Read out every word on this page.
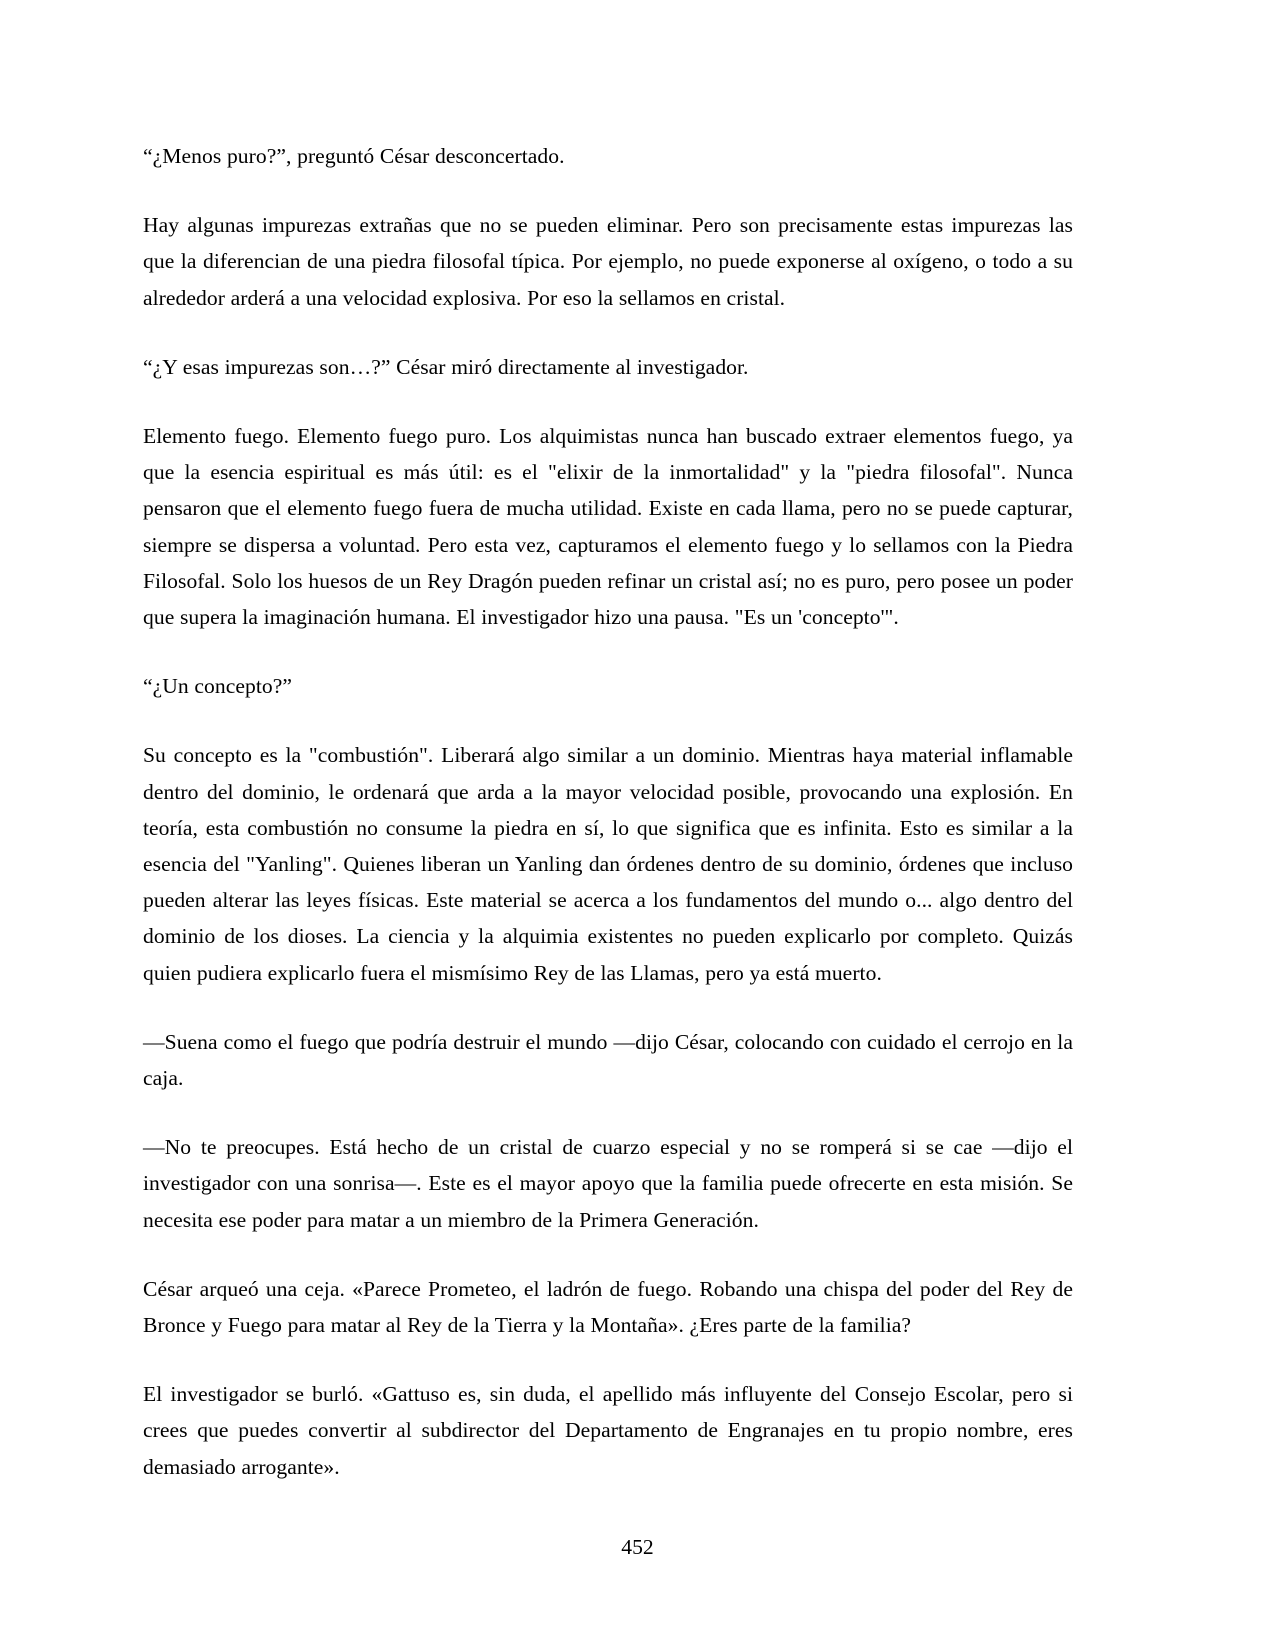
“¿Menos puro?”, preguntó César desconcertado.

Hay algunas impurezas extrañas que no se pueden eliminar. Pero son precisamente estas impurezas las que la diferencian de una piedra filosofal típica. Por ejemplo, no puede exponerse al oxígeno, o todo a su alrededor arderá a una velocidad explosiva. Por eso la sellamos en cristal.

“¿Y esas impurezas son…?” César miró directamente al investigador.

Elemento fuego. Elemento fuego puro. Los alquimistas nunca han buscado extraer elementos fuego, ya que la esencia espiritual es más útil: es el "elixir de la inmortalidad" y la "piedra filosofal". Nunca pensaron que el elemento fuego fuera de mucha utilidad. Existe en cada llama, pero no se puede capturar, siempre se dispersa a voluntad. Pero esta vez, capturamos el elemento fuego y lo sellamos con la Piedra Filosofal. Solo los huesos de un Rey Dragón pueden refinar un cristal así; no es puro, pero posee un poder que supera la imaginación humana. El investigador hizo una pausa. "Es un 'concepto'".

“¿Un concepto?”

Su concepto es la "combustión". Liberará algo similar a un dominio. Mientras haya material inflamable dentro del dominio, le ordenará que arda a la mayor velocidad posible, provocando una explosión. En teoría, esta combustión no consume la piedra en sí, lo que significa que es infinita. Esto es similar a la esencia del "Yanling". Quienes liberan un Yanling dan órdenes dentro de su dominio, órdenes que incluso pueden alterar las leyes físicas. Este material se acerca a los fundamentos del mundo o... algo dentro del dominio de los dioses. La ciencia y la alquimia existentes no pueden explicarlo por completo. Quizás quien pudiera explicarlo fuera el mismísimo Rey de las Llamas, pero ya está muerto.

—Suena como el fuego que podría destruir el mundo —dijo César, colocando con cuidado el cerrojo en la caja.

—No te preocupes. Está hecho de un cristal de cuarzo especial y no se romperá si se cae —dijo el investigador con una sonrisa—. Este es el mayor apoyo que la familia puede ofrecerte en esta misión. Se necesita ese poder para matar a un miembro de la Primera Generación.

César arqueó una ceja. «Parece Prometeo, el ladrón de fuego. Robando una chispa del poder del Rey de Bronce y Fuego para matar al Rey de la Tierra y la Montaña». ¿Eres parte de la familia?

El investigador se burló. «Gattuso es, sin duda, el apellido más influyente del Consejo Escolar, pero si crees que puedes convertir al subdirector del Departamento de Engranajes en tu propio nombre, eres demasiado arrogante».

452
